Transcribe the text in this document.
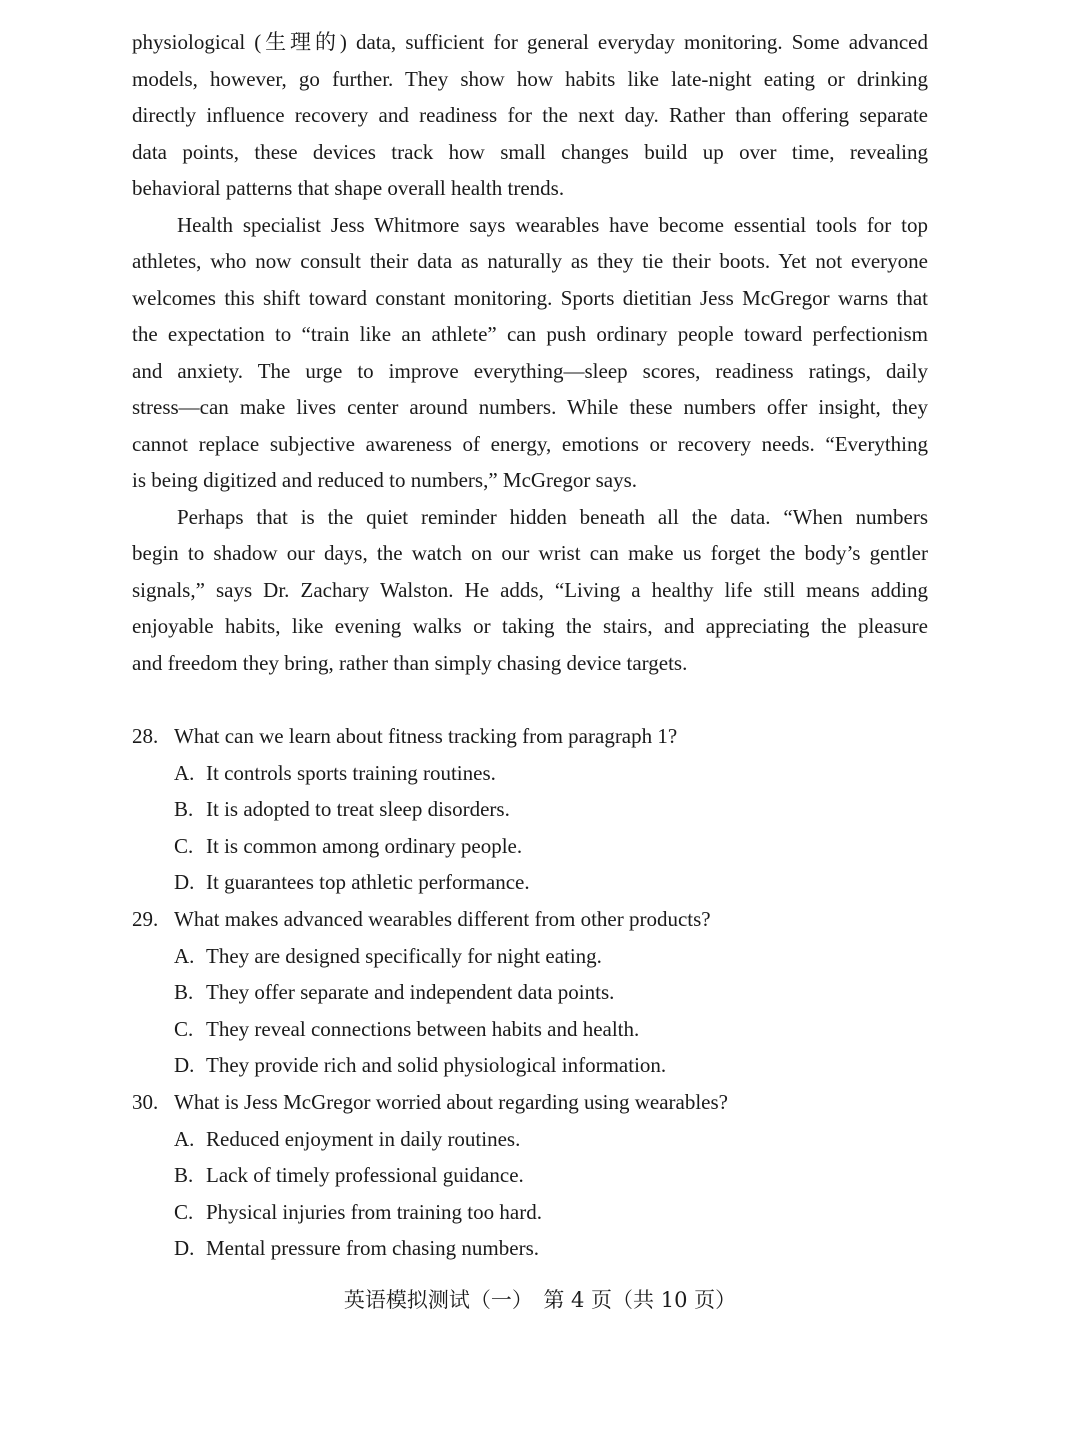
physiological (生理的) data, sufficient for general everyday monitoring. Some advanced
models, however, go further. They show how habits like late-night eating or drinking
directly influence recovery and readiness for the next day. Rather than offering separate
data points, these devices track how small changes build up over time, revealing
behavioral patterns that shape overall health trends.
Health specialist Jess Whitmore says wearables have become essential tools for top
athletes, who now consult their data as naturally as they tie their boots. Yet not everyone
welcomes this shift toward constant monitoring. Sports dietitian Jess McGregor warns that
the expectation to “train like an athlete” can push ordinary people toward perfectionism
and anxiety. The urge to improve everything—sleep scores, readiness ratings, daily
stress—can make lives center around numbers. While these numbers offer insight, they
cannot replace subjective awareness of energy, emotions or recovery needs. “Everything
is being digitized and reduced to numbers,” McGregor says.
Perhaps that is the quiet reminder hidden beneath all the data. “When numbers
begin to shadow our days, the watch on our wrist can make us forget the body’s gentler
signals,” says Dr. Zachary Walston. He adds, “Living a healthy life still means adding
enjoyable habits, like evening walks or taking the stairs, and appreciating the pleasure
and freedom they bring, rather than simply chasing device targets.
28. What can we learn about fitness tracking from paragraph 1?
A. It controls sports training routines.
B. It is adopted to treat sleep disorders.
C. It is common among ordinary people.
D. It guarantees top athletic performance.
29. What makes advanced wearables different from other products?
A. They are designed specifically for night eating.
B. They offer separate and independent data points.
C. They reveal connections between habits and health.
D. They provide rich and solid physiological information.
30. What is Jess McGregor worried about regarding using wearables?
A. Reduced enjoyment in daily routines.
B. Lack of timely professional guidance.
C. Physical injuries from training too hard.
D. Mental pressure from chasing numbers.
英语模拟测试（一）　第 4 页（共 10 页）
